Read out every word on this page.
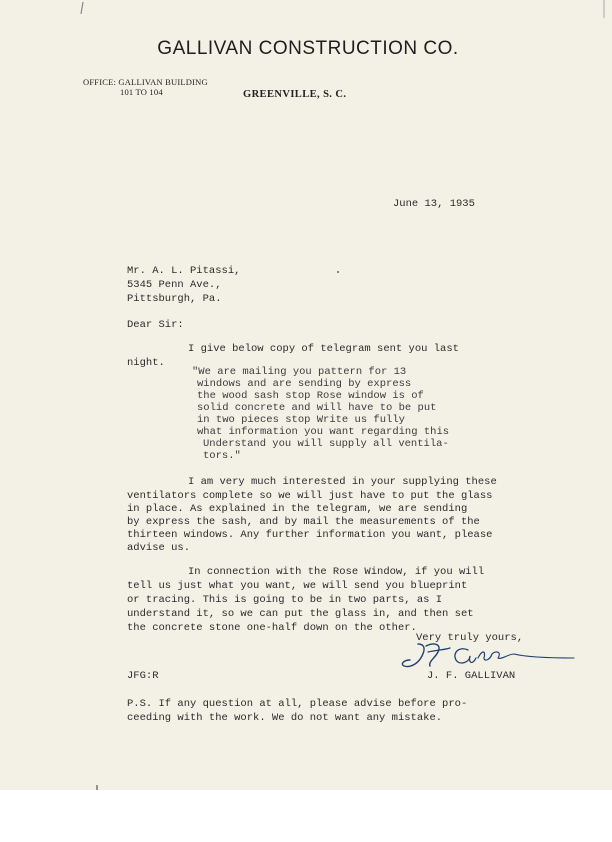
GALLIVAN CONSTRUCTION CO.
OFFICE: GALLIVAN BUILDING
101 TO 104	GREENVILLE, S. C.
June 13, 1935
Mr. A. L. Pitassi,
5345 Penn Ave.,
Pittsburgh, Pa.
Dear Sir:
I give below copy of telegram sent you last
night.
"We are mailing you pattern for 13
windows and are sending by express
the wood sash stop Rose window is of
solid concrete and will have to be put
in two pieces stop Write us fully
what information you want regarding this
Understand you will supply all ventila-
tors."
I am very much interested in your supplying these
ventilators complete so we will just have to put the glass
in place. As explained in the telegram, we are sending
by express the sash, and by mail the measurements of the
thirteen windows. Any further information you want, please
advise us.
In connection with the Rose Window, if you will
tell us just what you want, we will send you blueprint
or tracing. This is going to be in two parts, as I
understand it, so we can put the glass in, and then set
the concrete stone one-half down on the other.
Very truly yours,
J. F. GALLIVAN
JFG:R
P.S. If any question at all, please advise before pro-
ceeding with the work. We do not want any mistake.
